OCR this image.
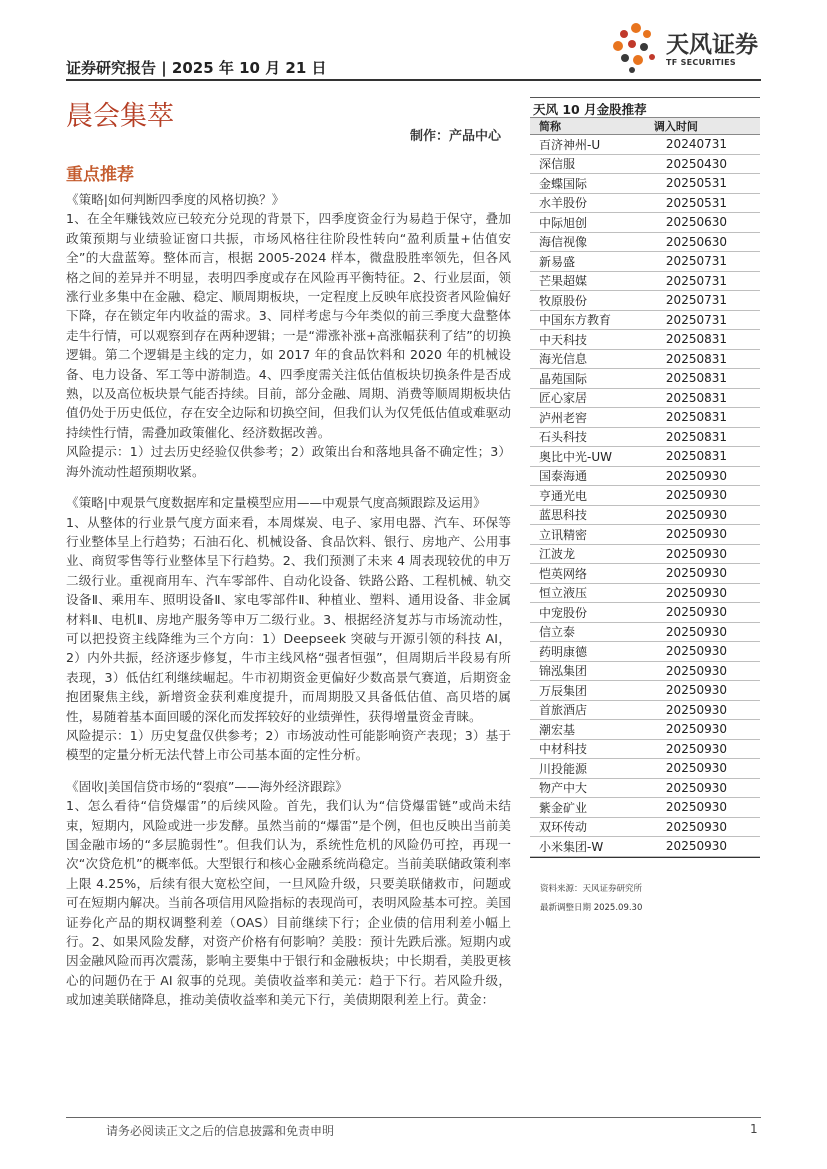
证券研究报告 | 2025 年 10 月 21 日
天风证券
TF SECURITIES
晨会集萃
制作：产品中心
重点推荐

《策略|如何判断四季度的风格切换？》

1、在全年赚钱效应已较充分兑现的背景下，四季度资金行为易趋于保守，叠加政策预期与业绩验证窗口共振，市场风格往往阶段性转向“盈利质量+估值安全”的大盘蓝筹。整体而言，根据 2005-2024 样本，微盘股胜率领先，但各风格之间的差异并不明显，表明四季度或存在风险再平衡特征。2、行业层面，领涨行业多集中在金融、稳定、顺周期板块，一定程度上反映年底投资者风险偏好下降，存在锁定年内收益的需求。3、同样考虑与今年类似的前三季度大盘整体走牛行情，可以观察到存在两种逻辑；一是“滞涨补涨+高涨幅获利了结”的切换逻辑。第二个逻辑是主线的定力，如 2017 年的食品饮料和 2020 年的机械设备、电力设备、军工等中游制造。4、四季度需关注低估值板块切换条件是否成熟，以及高位板块景气能否持续。目前，部分金融、周期、消费等顺周期板块估值仍处于历史低位，存在安全边际和切换空间，但我们认为仅凭低估值或难驱动持续性行情，需叠加政策催化、经济数据改善。

风险提示：1）过去历史经验仅供参考；2）政策出台和落地具备不确定性；3）海外流动性超预期收紧。

《策略|中观景气度数据库和定量模型应用——中观景气度高频跟踪及运用》

1、从整体的行业景气度方面来看，本周煤炭、电子、家用电器、汽车、环保等行业整体呈上行趋势；石油石化、机械设备、食品饮料、银行、房地产、公用事业、商贸零售等行业整体呈下行趋势。2、我们预测了未来 4 周表现较优的申万二级行业。重视商用车、汽车零部件、自动化设备、铁路公路、工程机械、轨交设备Ⅱ、乘用车、照明设备Ⅱ、家电零部件Ⅱ、种植业、塑料、通用设备、非金属材料Ⅱ、电机Ⅱ、房地产服务等申万二级行业。3、根据经济复苏与市场流动性，可以把投资主线降维为三个方向：1）Deepseek 突破与开源引领的科技 AI，2）内外共振，经济逐步修复，牛市主线风格“强者恒强”，但周期后半段易有所表现，3）低估红利继续崛起。牛市初期资金更偏好少数高景气赛道，后期资金抱团聚焦主线，新增资金获利难度提升，而周期股又具备低估值、高贝塔的属性，易随着基本面回暖的深化而发挥较好的业绩弹性，获得增量资金青睐。

风险提示：1）历史复盘仅供参考；2）市场波动性可能影响资产表现；3）基于模型的定量分析无法代替上市公司基本面的定性分析。

《固收|美国信贷市场的“裂痕”——海外经济跟踪》

1、怎么看待“信贷爆雷”的后续风险。首先，我们认为“信贷爆雷链”或尚未结束，短期内，风险或进一步发酵。虽然当前的“爆雷”是个例，但也反映出当前美国金融市场的“多层脆弱性”。但我们认为，系统性危机的风险仍可控，再现一次“次贷危机”的概率低。大型银行和核心金融系统尚稳定。当前美联储政策利率上限 4.25%，后续有很大宽松空间，一旦风险升级，只要美联储救市，问题或可在短期内解决。当前各项信用风险指标的表现尚可，表明风险基本可控。美国证券化产品的期权调整利差（OAS）目前继续下行；企业债的信用利差小幅上行。2、如果风险发酵，对资产价格有何影响？美股：预计先跌后涨。短期内或因金融风险而再次震荡，影响主要集中于银行和金融板块；中长期看，美股更核心的问题仍在于 AI 叙事的兑现。美债收益率和美元：趋于下行。若风险升级，或加速美联储降息，推动美债收益率和美元下行，美债期限利差上行。黄金：

天风 10 月金股推荐
简称	调入时间
百济神州-U	20240731
深信服	20250430
金蝶国际	20250531
水羊股份	20250531
中际旭创	20250630
海信视像	20250630
新易盛	20250731
芒果超媒	20250731
牧原股份	20250731
中国东方教育	20250731
中天科技	20250831
海光信息	20250831
晶苑国际	20250831
匠心家居	20250831
泸州老窖	20250831
石头科技	20250831
奥比中光-UW	20250831
国泰海通	20250930
亨通光电	20250930
蓝思科技	20250930
立讯精密	20250930
江波龙	20250930
恺英网络	20250930
恒立液压	20250930
中宠股份	20250930
信立泰	20250930
药明康德	20250930
锦泓集团	20250930
万辰集团	20250930
首旅酒店	20250930
潮宏基	20250930
中材科技	20250930
川投能源	20250930
物产中大	20250930
紫金矿业	20250930
双环传动	20250930
小米集团-W	20250930
资料来源：天风证券研究所
最新调整日期 2025.09.30
请务必阅读正文之后的信息披露和免责申明	1
